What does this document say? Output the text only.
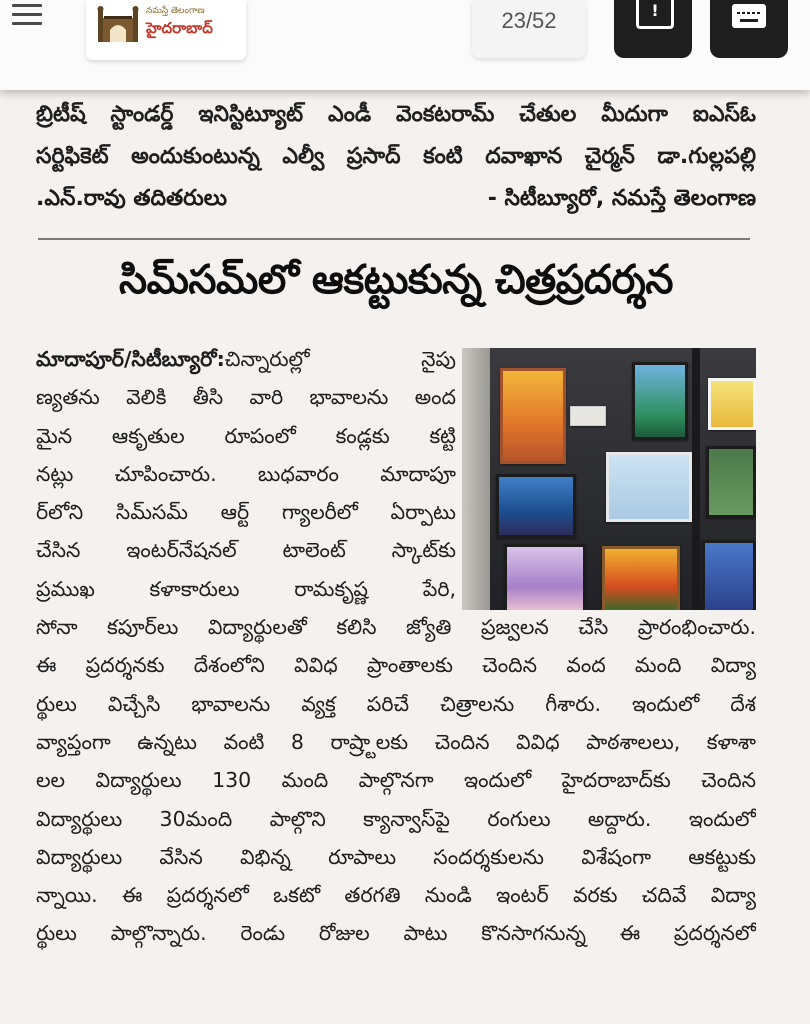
నమస్తే తెలంగాణ
హైదరాబాద్	23/52	!
బ్రిటీష్ స్టాండర్డ్ ఇనిస్టిట్యూట్ ఎండీ వెంకటరామ్ చేతుల మీదుగా ఐఎస్‌ఓ
సర్టిఫికెట్ అందుకుంటున్న ఎల్వీ ప్రసాద్ కంటి దవాఖాన చైర్మన్ డా.గుల్లపల్లి
.ఎన్.రావు తదితరులు	- సిటీబ్యూరో, నమస్తే తెలంగాణ
సిమ్‌సమ్‌లో ఆకట్టుకున్న చిత్రప్రదర్శన
మాదాపూర్/సిటీబ్యూరో:చిన్నారుల్లో నైపు
ణ్యతను వెలికి తీసి వారి భావాలను అంద
మైన ఆకృతుల రూపంలో కండ్లకు కట్టి
నట్లు చూపించారు. బుధవారం మాదాపూ
ర్‌లోని సిమ్‌సమ్ ఆర్ట్ గ్యాలరీలో ఏర్పాటు
చేసిన ఇంటర్‌నేషనల్ టాలెంట్ స్కాట్‌కు
ప్రముఖ కళాకారులు రామకృష్ణ పేరి,
సోనా కపూర్‌లు విద్యార్థులతో కలిసి జ్యోతి ప్రజ్వలన చేసి ప్రారంభించారు.
ఈ ప్రదర్శనకు దేశంలోని వివిధ ప్రాంతాలకు చెందిన వంద మంది విద్యా
ర్థులు విచ్చేసి భావాలను వ్యక్త పరిచే చిత్రాలను గీశారు. ఇందులో దేశ
వ్యాప్తంగా ఉన్నటు వంటి 8 రాష్ర్టాలకు చెందిన వివిధ పాఠశాలలు, కళాశా
లల విద్యార్థులు 130 మంది పాల్గొనగా ఇందులో హైదరాబాద్‌కు చెందిన
విద్యార్థులు 30మంది పాల్గొని క్యాన్వాస్‌పై రంగులు అద్దారు. ఇందులో
విద్యార్థులు వేసిన విభిన్న రూపాలు సందర్శకులను విశేషంగా ఆకట్టుకు
న్నాయి. ఈ ప్రదర్శనలో ఒకటో తరగతి నుండి ఇంటర్ వరకు చదివే విద్యా
ర్థులు పాల్గొన్నారు. రెండు రోజుల పాటు కొనసాగనున్న ఈ ప్రదర్శనలో
